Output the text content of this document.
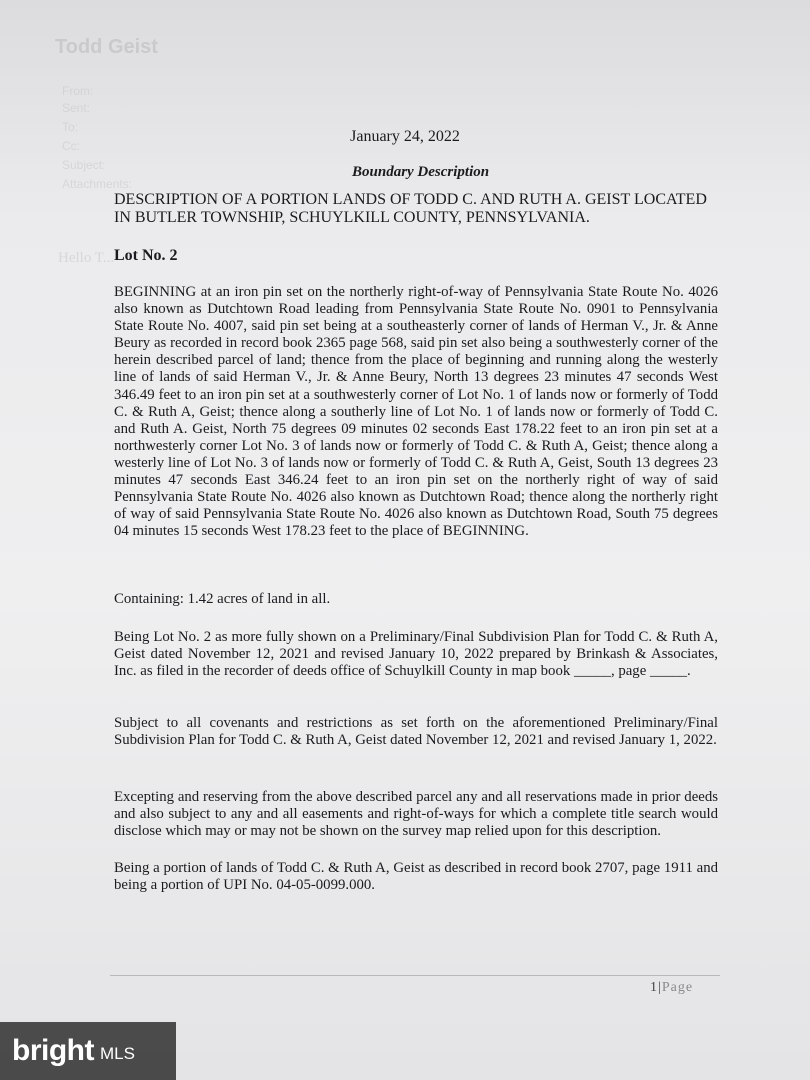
Todd Geist
From:
Sent:
To:
Cc:
Subject:
Attachments:
Hello T...
January 24, 2022
Boundary Description
DESCRIPTION OF A PORTION LANDS OF TODD C. AND RUTH A. GEIST LOCATED IN BUTLER TOWNSHIP, SCHUYLKILL COUNTY, PENNSYLVANIA.
Lot No. 2

BEGINNING at an iron pin set on the northerly right-of-way of Pennsylvania State Route No. 4026 also known as Dutchtown Road leading from Pennsylvania State Route No. 0901 to Pennsylvania State Route No. 4007, said pin set being at a southeasterly corner of lands of Herman V., Jr. & Anne Beury as recorded in record book 2365 page 568, said pin set also being a southwesterly corner of the herein described parcel of land; thence from the place of beginning and running along the westerly line of lands of said Herman V., Jr. & Anne Beury, North 13 degrees 23 minutes 47 seconds West 346.49 feet to an iron pin set at a southwesterly corner of Lot No. 1 of lands now or formerly of Todd C. & Ruth A, Geist; thence along a southerly line of Lot No. 1 of lands now or formerly of Todd C. and Ruth A. Geist, North 75 degrees 09 minutes 02 seconds East 178.22 feet to an iron pin set at a northwesterly corner Lot No. 3 of lands now or formerly of Todd C. & Ruth A, Geist; thence along a westerly line of Lot No. 3 of lands now or formerly of Todd C. & Ruth A, Geist, South 13 degrees 23 minutes 47 seconds East 346.24 feet to an iron pin set on the northerly right of way of said Pennsylvania State Route No. 4026 also known as Dutchtown Road; thence along the northerly right of way of said Pennsylvania State Route No. 4026 also known as Dutchtown Road, South 75 degrees 04 minutes 15 seconds West 178.23 feet to the place of BEGINNING.

Containing: 1.42 acres of land in all.

Being Lot No. 2 as more fully shown on a Preliminary/Final Subdivision Plan for Todd C. & Ruth A, Geist dated November 12, 2021 and revised January 10, 2022 prepared by Brinkash & Associates, Inc. as filed in the recorder of deeds office of Schuylkill County in map book _____, page _____.

Subject to all covenants and restrictions as set forth on the aforementioned Preliminary/Final Subdivision Plan for Todd C. & Ruth A, Geist dated November 12, 2021 and revised January 1, 2022.

Excepting and reserving from the above described parcel any and all reservations made in prior deeds and also subject to any and all easements and right-of-ways for which a complete title search would disclose which may or may not be shown on the survey map relied upon for this description.

Being a portion of lands of Todd C. & Ruth A, Geist as described in record book 2707, page 1911 and being a portion of UPI No. 04-05-0099.000.

1|Page
bright MLS
